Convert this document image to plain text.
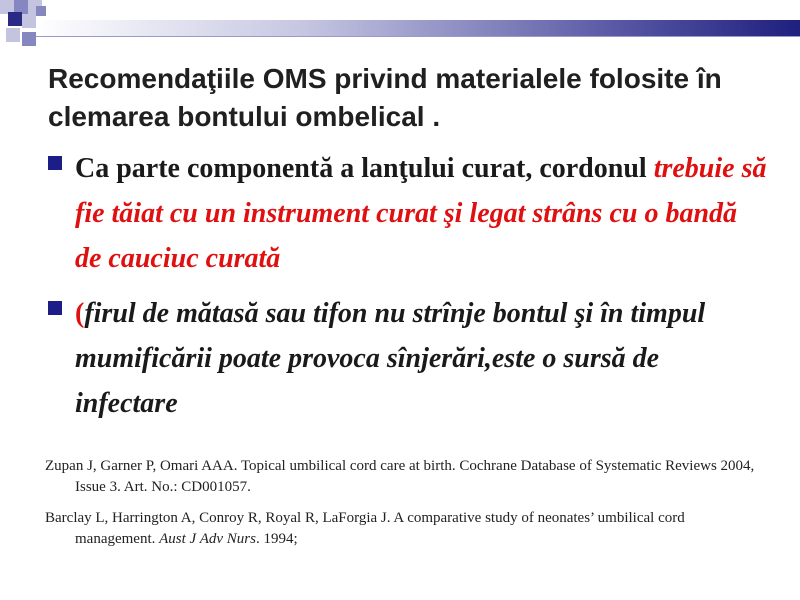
Recomendaţiile OMS privind materialele folosite în clemarea bontului ombelical .
Ca parte componentă a lanţului curat, cordonul trebuie să fie tăiat cu un instrument curat şi legat strâns cu o bandă de cauciuc curată
(firul de mătasă sau tifon nu strînje bontul şi în timpul mumificării poate provoca sînjerări,este o sursă de infectare
Zupan J, Garner P, Omari AAA. Topical umbilical cord care at birth. Cochrane Database of Systematic Reviews 2004, Issue 3. Art. No.: CD001057.
Barclay L, Harrington A, Conroy R, Royal R, LaForgia J. A comparative study of neonates’ umbilical cord management. Aust J Adv Nurs. 1994;
